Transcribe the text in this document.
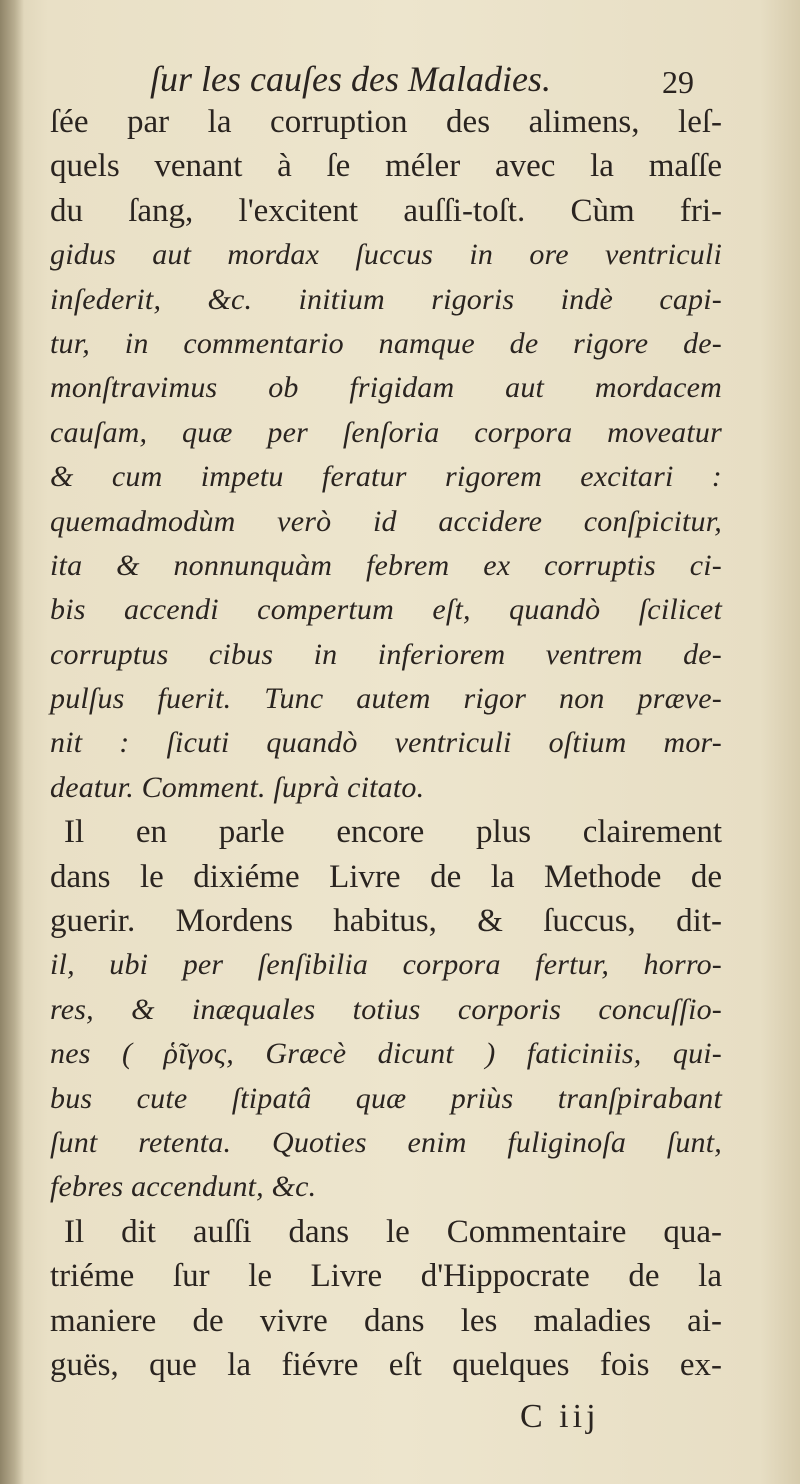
ſur les cauſes des Maladies.	29
ſée par la corruption des alimens, leſ-
quels venant à ſe méler avec la maſſe
du ſang, l'excitent auſſi-toſt. Cùm fri-
gidus aut mordax ſuccus in ore ventriculi
inſederit, &c. initium rigoris indè capi-
tur, in commentario namque de rigore de-
monſtravimus ob frigidam aut mordacem
cauſam, quæ per ſenſoria corpora moveatur
& cum impetu feratur rigorem excitari :
quemadmodùm verò id accidere conſpicitur,
ita & nonnunquàm febrem ex corruptis ci-
bis accendi compertum eſt, quandò ſcilicet
corruptus cibus in inferiorem ventrem de-
pulſus fuerit. Tunc autem rigor non præve-
nit : ſicuti quandò ventriculi oſtium mor-
deatur. Comment. ſuprà citato.
Il en parle encore plus clairement
dans le dixiéme Livre de la Methode de
guerir. Mordens habitus, & ſuccus, dit-
il, ubi per ſenſibilia corpora fertur, horro-
res, & inæquales totius corporis concuſſio-
nes ( ῥῖγος, Græcè dicunt ) faticiniis, qui-
bus cute ſtipatâ quæ priùs tranſpirabant
ſunt retenta. Quoties enim fuliginoſa ſunt,
febres accendunt, &c.
Il dit auſſi dans le Commentaire qua-
triéme ſur le Livre d'Hippocrate de la
maniere de vivre dans les maladies ai-
guës, que la fiévre eſt quelques fois ex-
C iij
